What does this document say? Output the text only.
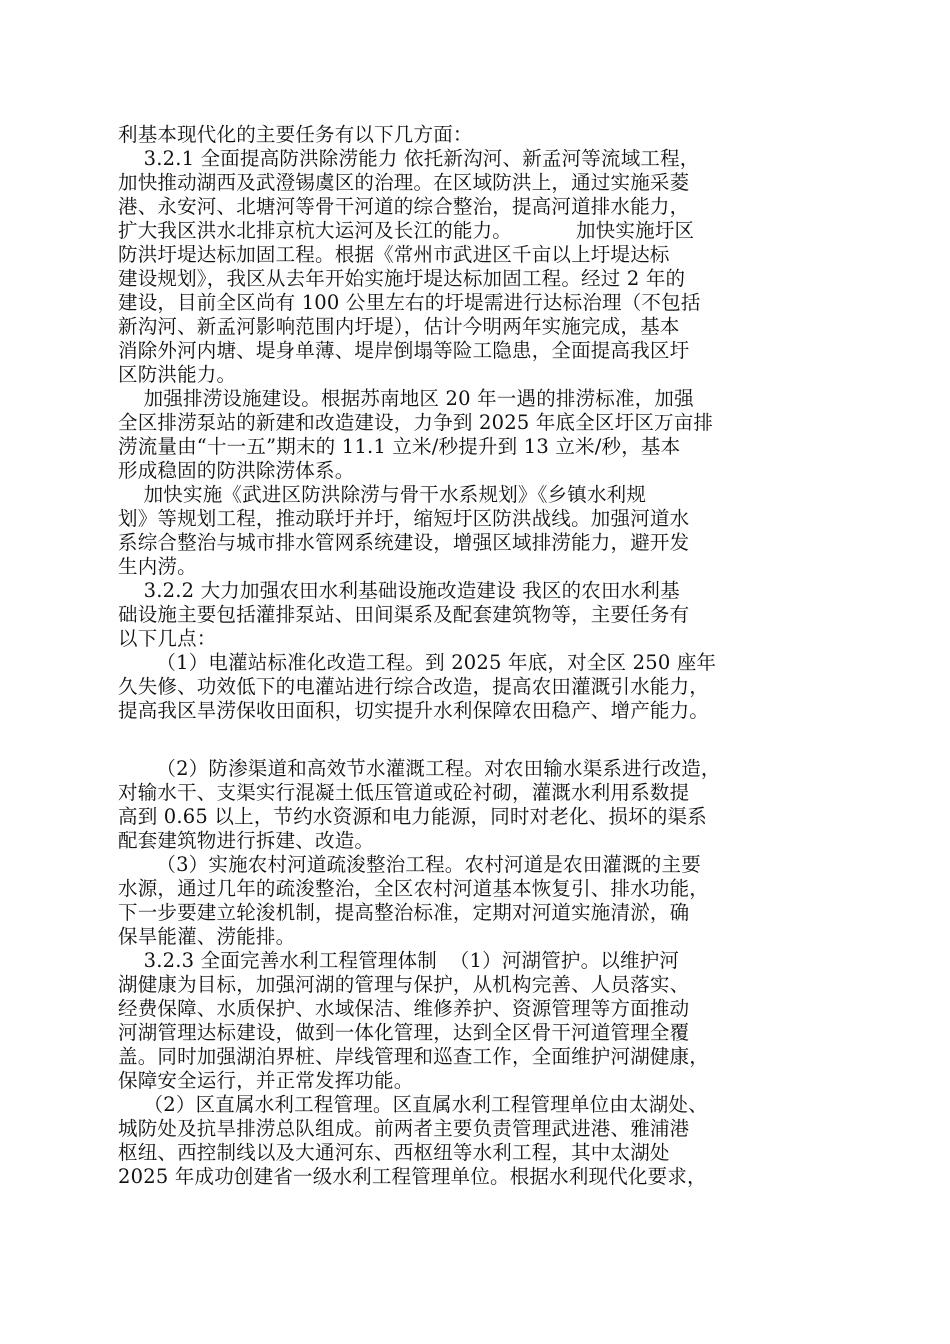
利基本现代化的主要任务有以下几方面：
3.2.1 全面提高防洪除涝能力 依托新沟河、新孟河等流域工程，
加快推动湖西及武澄锡虞区的治理。在区域防洪上，通过实施采菱
港、永安河、北塘河等骨干河道的综合整治，提高河道排水能力，
扩大我区洪水北排京杭大运河及长江的能力。          加快实施圩区
防洪圩堤达标加固工程。根据《常州市武进区千亩以上圩堤达标
建设规划》，我区从去年开始实施圩堤达标加固工程。经过 2 年的
建设，目前全区尚有 100 公里左右的圩堤需进行达标治理（不包括
新沟河、新孟河影响范围内圩堤），估计今明两年实施完成，基本
消除外河内塘、堤身单薄、堤岸倒塌等险工隐患，全面提高我区圩
区防洪能力。
加强排涝设施建设。根据苏南地区 20 年一遇的排涝标准，加强
全区排涝泵站的新建和改造建设，力争到 2025 年底全区圩区万亩排
涝流量由“十一五”期末的 11.1 立米/秒提升到 13 立米/秒，基本
形成稳固的防洪除涝体系。
加快实施《武进区防洪除涝与骨干水系规划》《乡镇水利规
划》等规划工程，推动联圩并圩，缩短圩区防洪战线。加强河道水
系综合整治与城市排水管网系统建设，增强区域排涝能力，避开发
生内涝。
3.2.2 大力加强农田水利基础设施改造建设 我区的农田水利基
础设施主要包括灌排泵站、田间渠系及配套建筑物等，主要任务有
以下几点：
（1）电灌站标准化改造工程。到 2025 年底，对全区 250 座年
久失修、功效低下的电灌站进行综合改造，提高农田灌溉引水能力，
提高我区旱涝保收田面积，切实提升水利保障农田稳产、增产能力。
（2）防渗渠道和高效节水灌溉工程。对农田输水渠系进行改造，
对输水干、支渠实行混凝土低压管道或砼衬砌，灌溉水利用系数提
高到 0.65 以上，节约水资源和电力能源，同时对老化、损坏的渠系
配套建筑物进行拆建、改造。
（3）实施农村河道疏浚整治工程。农村河道是农田灌溉的主要
水源，通过几年的疏浚整治，全区农村河道基本恢复引、排水功能，
下一步要建立轮浚机制，提高整治标准，定期对河道实施清淤，确
保旱能灌、涝能排。
3.2.3 全面完善水利工程管理体制  （1）河湖管护。以维护河
湖健康为目标，加强河湖的管理与保护，从机构完善、人员落实、
经费保障、水质保护、水域保洁、维修养护、资源管理等方面推动
河湖管理达标建设，做到一体化管理，达到全区骨干河道管理全覆
盖。同时加强湖泊界桩、岸线管理和巡查工作，全面维护河湖健康，
保障安全运行，并正常发挥功能。
（2）区直属水利工程管理。区直属水利工程管理单位由太湖处、
城防处及抗旱排涝总队组成。前两者主要负责管理武进港、雅浦港
枢纽、西控制线以及大通河东、西枢纽等水利工程，其中太湖处
2025 年成功创建省一级水利工程管理单位。根据水利现代化要求，
